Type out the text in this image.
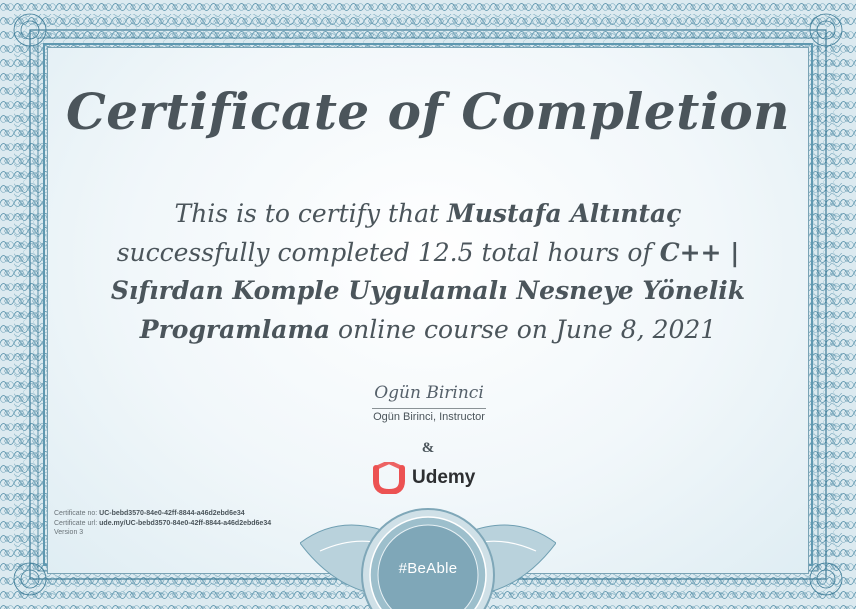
Certificate of Completion
This is to certify that Mustafa Altıntaç
successfully completed 12.5 total hours of C++ | Sıfırdan Komple Uygulamalı Nesneye Yönelik Programlama online course on June 8, 2021
Ogün Birinci
Ogün Birinci, Instructor
&
Udemy
Certificate no: UC-bebd3570-84e0-42ff-8844-a46d2ebd6e34
Certificate url: ude.my/UC-bebd3570-84e0-42ff-8844-a46d2ebd6e34
Version 3
#BeAble
